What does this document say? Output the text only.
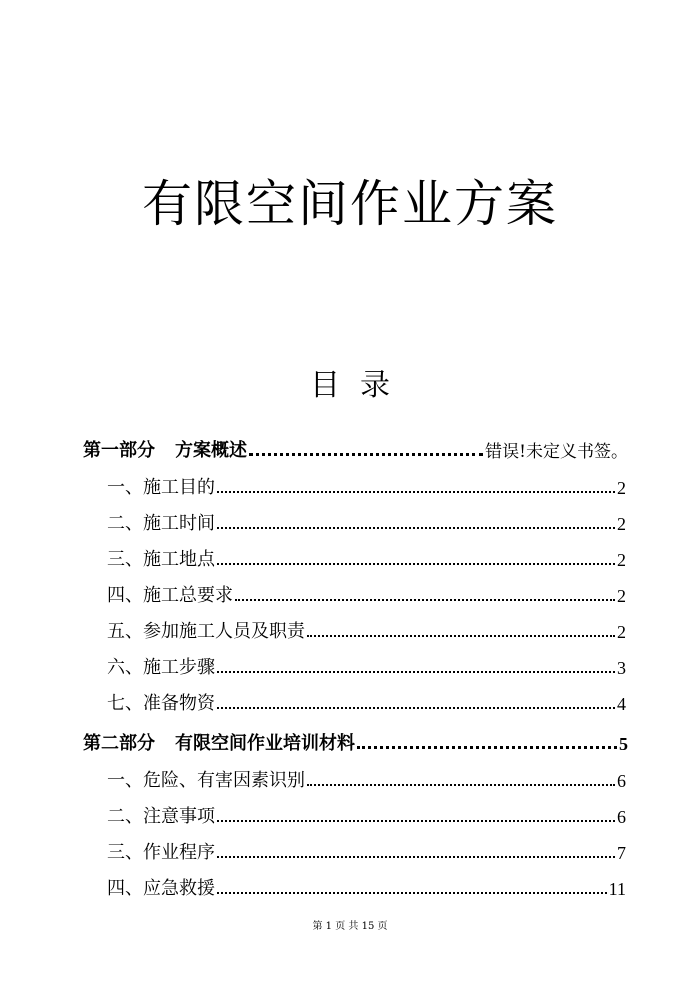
有限空间作业方案
目 录
第一部分 方案概述	错误!未定义书签。
一、施工目的	2
二、施工时间	2
三、施工地点	2
四、施工总要求	2
五、参加施工人员及职责	2
六、施工步骤	3
七、准备物资	4
第二部分 有限空间作业培训材料	5
一、危险、有害因素识别	6
二、注意事项	6
三、作业程序	7
四、应急救援	11
第 1 页 共 15 页
